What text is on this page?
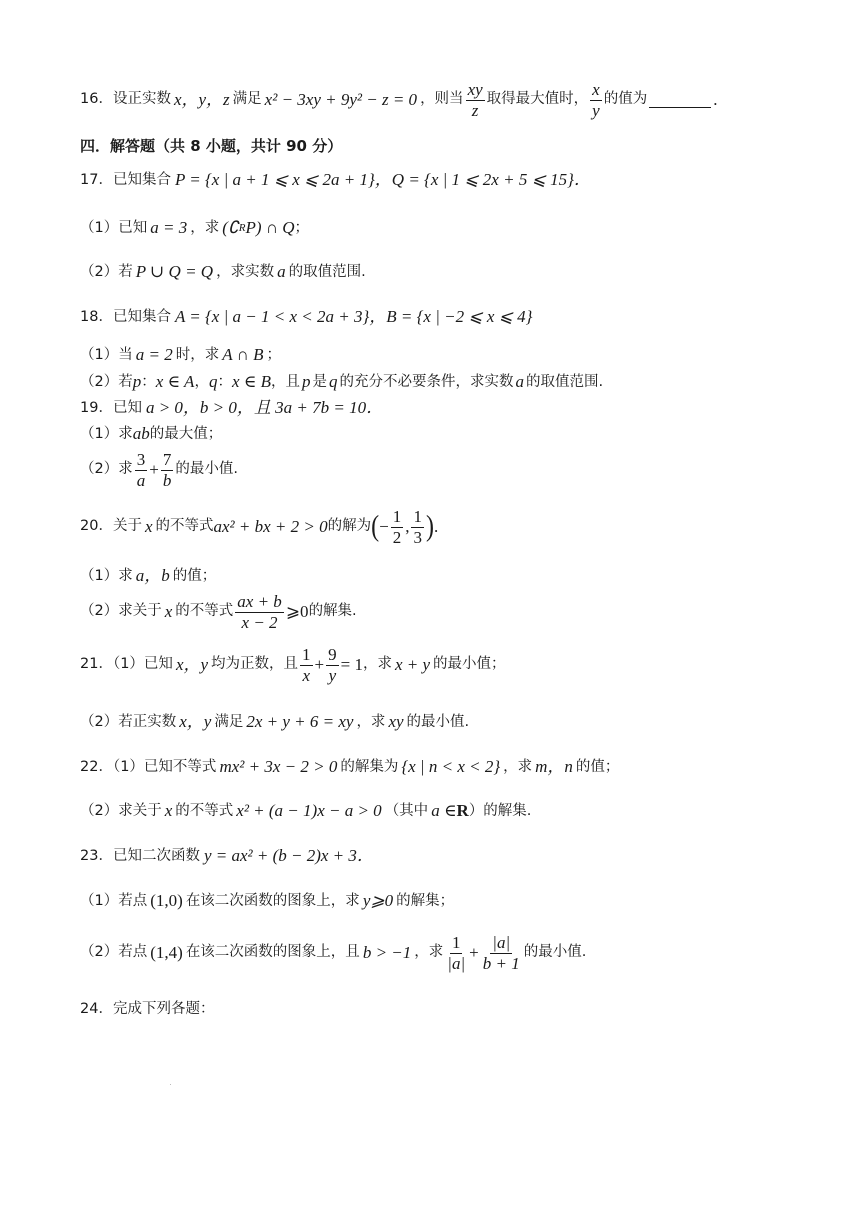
16．设正实数 x，y，z 满足 x² − 3xy + 9y² − z = 0 ，则当 $\frac{xy}{z}$ 取得最大值时， $\frac{x}{y}$ 的值为	.
四．解答题（共 8 小题，共计 90 分）
17．已知集合 P = {x | a + 1 ⩽ x ⩽ 2a + 1}，Q = {x | 1 ⩽ 2x + 5 ⩽ 15}．
（1）已知 a = 3 ，求 (∁ R P) ∩ Q ；
（2）若 P ∪ Q = Q ，求实数 a 的取值范围.
18．已知集合 A = {x | a − 1 < x < 2a + 3}，B = {x | −2 ⩽ x ⩽ 4}
（1）当 a = 2 时，求 A ∩ B ；
（2）若 p ： x ∈ A ， q ： x ∈ B ，且 p 是 q 的充分不必要条件，求实数 a 的取值范围.
19．已知 a > 0，b > 0，且 3a + 7b = 10．
（1）求 ab 的最大值；
（2）求 $\frac{3}{a} + \frac{7}{b}$ 的最小值.
20．关于 x 的不等式 ax² + bx + 2 > 0 的解为 ( − $\frac{1}{2}$ , $\frac{1}{3}$ ) .
（1）求 a，b 的值；
（2）求关于 x 的不等式 $\frac{ax + b}{x - 2}$ ⩾0 的解集.
21．（1）已知 x，y 均为正数，且 $\frac{1}{x} + \frac{9}{y} = 1$ ，求 x + y 的最小值；
（2）若正实数 x，y 满足 2x + y + 6 = xy ，求 xy 的最小值.
22．（1）已知不等式 mx² + 3x − 2 > 0 的解集为 {x | n < x < 2} ，求 m，n 的值；
（2）求关于 x 的不等式 x² + (a − 1)x − a > 0 （其中 a ∈ R ）的解集.
23．已知二次函数 y = ax² + (b − 2)x + 3．
（1）若点 (1,0) 在该二次函数的图象上，求 y⩾0 的解集；
（2）若点 (1,4) 在该二次函数的图象上，且 b > −1 ，求 $\frac{1}{|a|} + \frac{|a|}{b + 1}$ 的最小值.
24．完成下列各题：
